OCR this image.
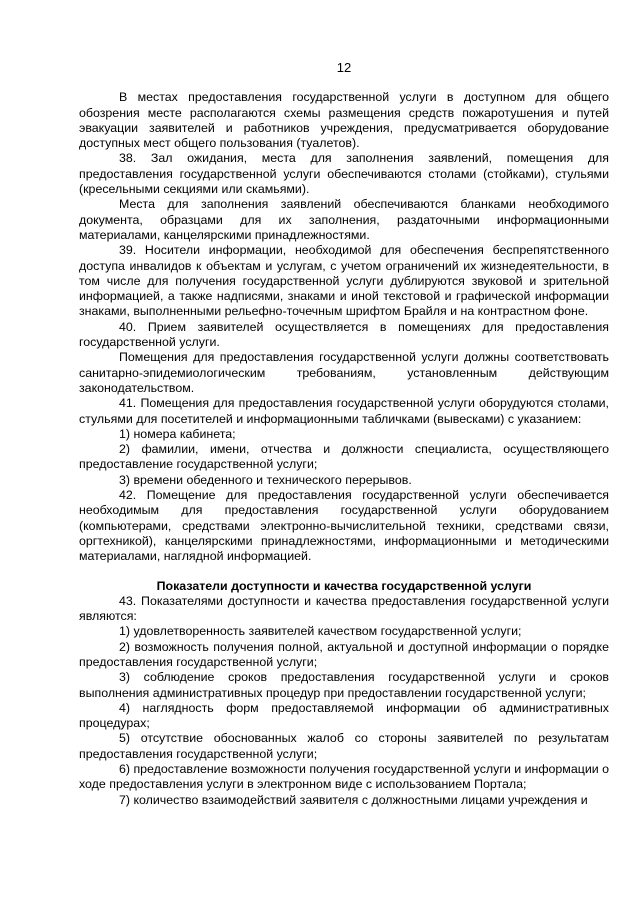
12

В местах предоставления государственной услуги в доступном для общего обозрения месте располагаются схемы размещения средств пожаротушения и путей эвакуации заявителей и работников учреждения, предусматривается оборудование доступных мест общего пользования (туалетов).

38. Зал ожидания, места для заполнения заявлений, помещения для предоставления государственной услуги обеспечиваются столами (стойками), стульями (кресельными секциями или скамьями).

Места для заполнения заявлений обеспечиваются бланками необходимого документа, образцами для их заполнения, раздаточными информационными материалами, канцелярскими принадлежностями.

39. Носители информации, необходимой для обеспечения беспрепятственного доступа инвалидов к объектам и услугам, с учетом ограничений их жизнедеятельности, в том числе для получения государственной услуги дублируются звуковой и зрительной информацией, а также надписями, знаками и иной текстовой и графической информации знаками, выполненными рельефно-точечным шрифтом Брайля и на контрастном фоне.

40. Прием заявителей осуществляется в помещениях для предоставления государственной услуги.

Помещения для предоставления государственной услуги должны соответствовать санитарно-эпидемиологическим требованиям, установленным действующим законодательством.

41. Помещения для предоставления государственной услуги оборудуются столами, стульями для посетителей и информационными табличками (вывесками) с указанием:

1) номера кабинета;

2) фамилии, имени, отчества и должности специалиста, осуществляющего предоставление государственной услуги;

3) времени обеденного и технического перерывов.

42. Помещение для предоставления государственной услуги обеспечивается необходимым для предоставления государственной услуги оборудованием (компьютерами, средствами электронно-вычислительной техники, средствами связи, оргтехникой), канцелярскими принадлежностями, информационными и методическими материалами, наглядной информацией.

Показатели доступности и качества государственной услуги

43. Показателями доступности и качества предоставления государственной услуги являются:

1) удовлетворенность заявителей качеством государственной услуги;

2) возможность получения полной, актуальной и доступной информации о порядке предоставления государственной услуги;

3) соблюдение сроков предоставления государственной услуги и сроков выполнения административных процедур при предоставлении государственной услуги;

4) наглядность форм предоставляемой информации об административных процедурах;

5) отсутствие обоснованных жалоб со стороны заявителей по результатам предоставления государственной услуги;

6) предоставление возможности получения государственной услуги и информации о ходе предоставления услуги в электронном виде с использованием Портала;

7) количество взаимодействий заявителя с должностными лицами учреждения и
